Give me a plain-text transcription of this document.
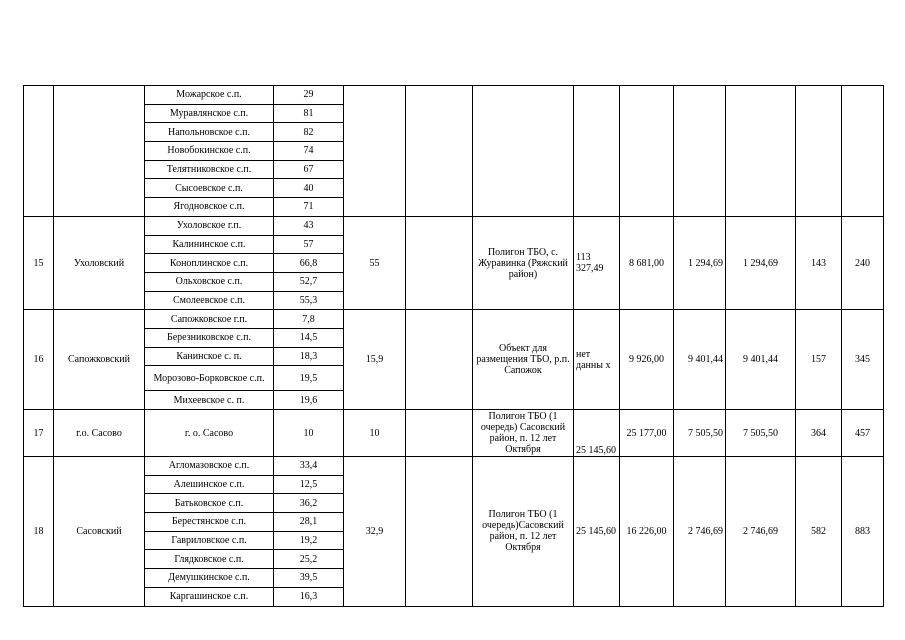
		Можарское с.п.	29									
		Муравлянское с.п.	81									
		Напольновское с.п.	82									
		Новобокинское с.п.	74									
		Телятниковское с.п.	67									
		Сысоевское с.п.	40									
		Ягодновское с.п.	71									
15	Ухоловский	Ухоловское г.п.	43	55		Полигон ТБО, с. Журавинка (Ряжский район)	113 327,49	8 681,00	1 294,69	1 294,69	143	240
		Калининское с.п.	57									
		Коноплинское с.п.	66,8									
		Ольховское с.п.	52,7									
		Смолеевское с.п.	55,3									
16	Сапожковский	Сапожковское г.п.	7,8	15,9		Объект для размещения ТБО, р.п. Сапожок	нет данны х	9 926,00	9 401,44	9 401,44	157	345
		Березниковское с.п.	14,5									
		Канинское с. п.	18,3									
		Морозово-Борковское с.п.	19,5									
		Михеевское с. п.	19,6									
17	г.о. Сасово	г. о. Сасово	10	10		Полигон ТБО (1 очередь) Сасовский район, п. 12 лет Октября	25 145,60	25 177,00	7 505,50	7 505,50	364	457
18	Сасовский	Агломазовское с.п.	33,4	32,9		Полигон ТБО (1 очередь)Сасовский район, п. 12 лет Октября	25 145,60	16 226,00	2 746,69	2 746,69	582	883
		Алешинское с.п.	12,5									
		Батьковское с.п.	36,2									
		Берестянское с.п.	28,1									
		Гавриловское с.п.	19,2									
		Глядковское с.п.	25,2									
		Демушкинское с.п.	39,5									
		Каргашинское с.п.	16,3									
